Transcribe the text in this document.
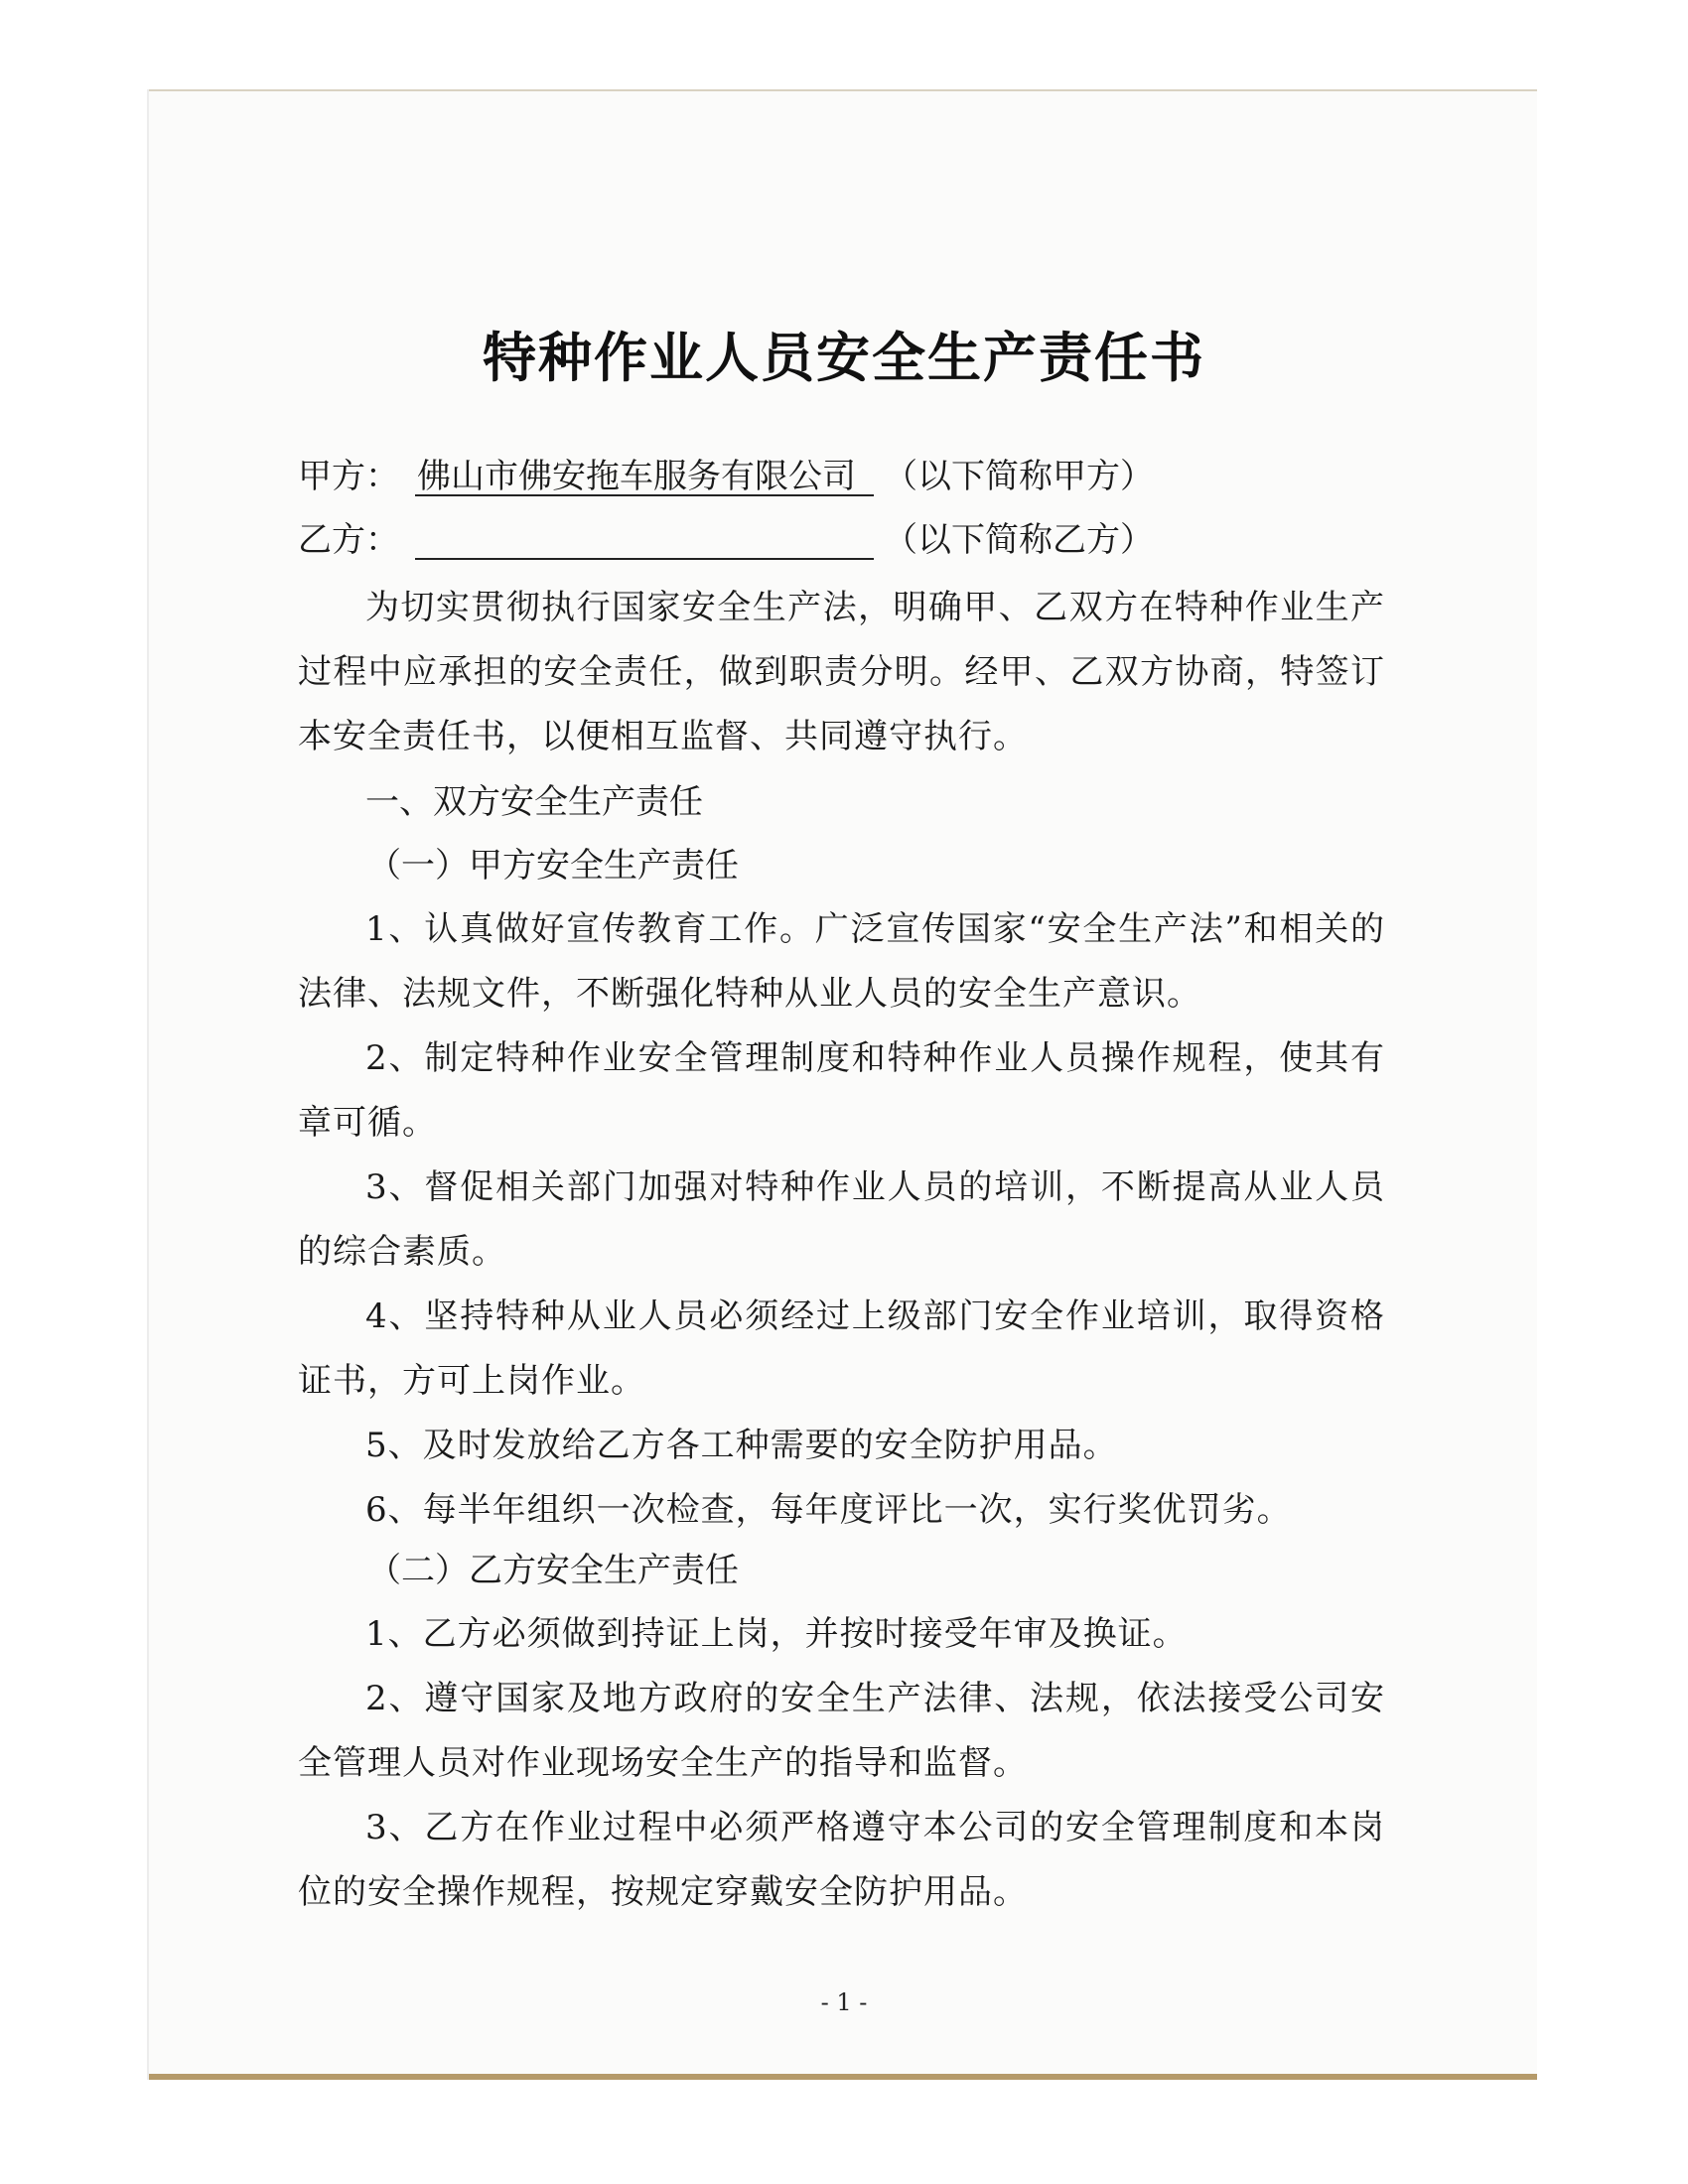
特种作业人员安全生产责任书
甲方： 佛山市佛安拖车服务有限公司 （以下简称甲方）
乙方：	（以下简称乙方）
为切实贯彻执行国家安全生产法，明确甲、乙双方在特种作业生产过程中应承担的安全责任，做到职责分明。经甲、乙双方协商，特签订本安全责任书，以便相互监督、共同遵守执行。
一、双方安全生产责任
（一）甲方安全生产责任
1、认真做好宣传教育工作。广泛宣传国家“安全生产法”和相关的法律、法规文件，不断强化特种从业人员的安全生产意识。
2、制定特种作业安全管理制度和特种作业人员操作规程，使其有章可循。
3、督促相关部门加强对特种作业人员的培训，不断提高从业人员的综合素质。
4、坚持特种从业人员必须经过上级部门安全作业培训，取得资格证书，方可上岗作业。
5、及时发放给乙方各工种需要的安全防护用品。
6、每半年组织一次检查，每年度评比一次，实行奖优罚劣。
（二）乙方安全生产责任
1、乙方必须做到持证上岗，并按时接受年审及换证。
2、遵守国家及地方政府的安全生产法律、法规，依法接受公司安全管理人员对作业现场安全生产的指导和监督。
3、乙方在作业过程中必须严格遵守本公司的安全管理制度和本岗位的安全操作规程，按规定穿戴安全防护用品。
- 1 -
